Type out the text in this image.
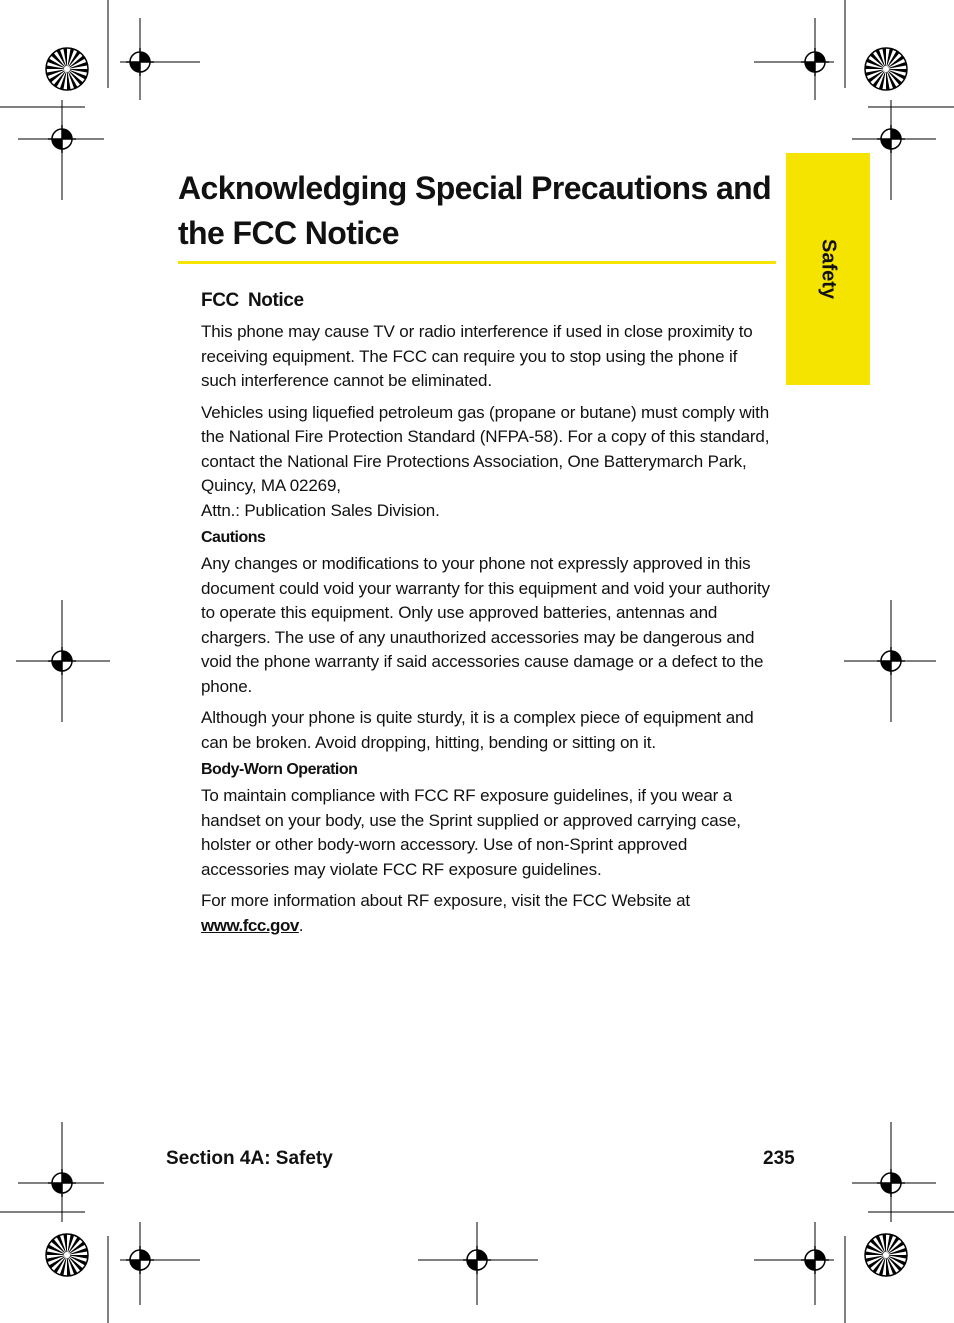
Acknowledging Special Precautions and the FCC Notice
Safety
FCC Notice

This phone may cause TV or radio interference if used in close proximity to receiving equipment. The FCC can require you to stop using the phone if such interference cannot be eliminated.

Vehicles using liquefied petroleum gas (propane or butane) must comply with the National Fire Protection Standard (NFPA-58). For a copy of this standard, contact the National Fire Protections Association, One Batterymarch Park, Quincy, MA 02269,
Attn.: Publication Sales Division.

Cautions

Any changes or modifications to your phone not expressly approved in this document could void your warranty for this equipment and void your authority to operate this equipment. Only use approved batteries, antennas and chargers. The use of any unauthorized accessories may be dangerous and void the phone warranty if said accessories cause damage or a defect to the phone.

Although your phone is quite sturdy, it is a complex piece of equipment and can be broken. Avoid dropping, hitting, bending or sitting on it.

Body-Worn Operation

To maintain compliance with FCC RF exposure guidelines, if you wear a handset on your body, use the Sprint supplied or approved carrying case, holster or other body-worn accessory. Use of non-Sprint approved accessories may violate FCC RF exposure guidelines.

For more information about RF exposure, visit the FCC Website at
www.fcc.gov.

Section 4A: Safety	235
